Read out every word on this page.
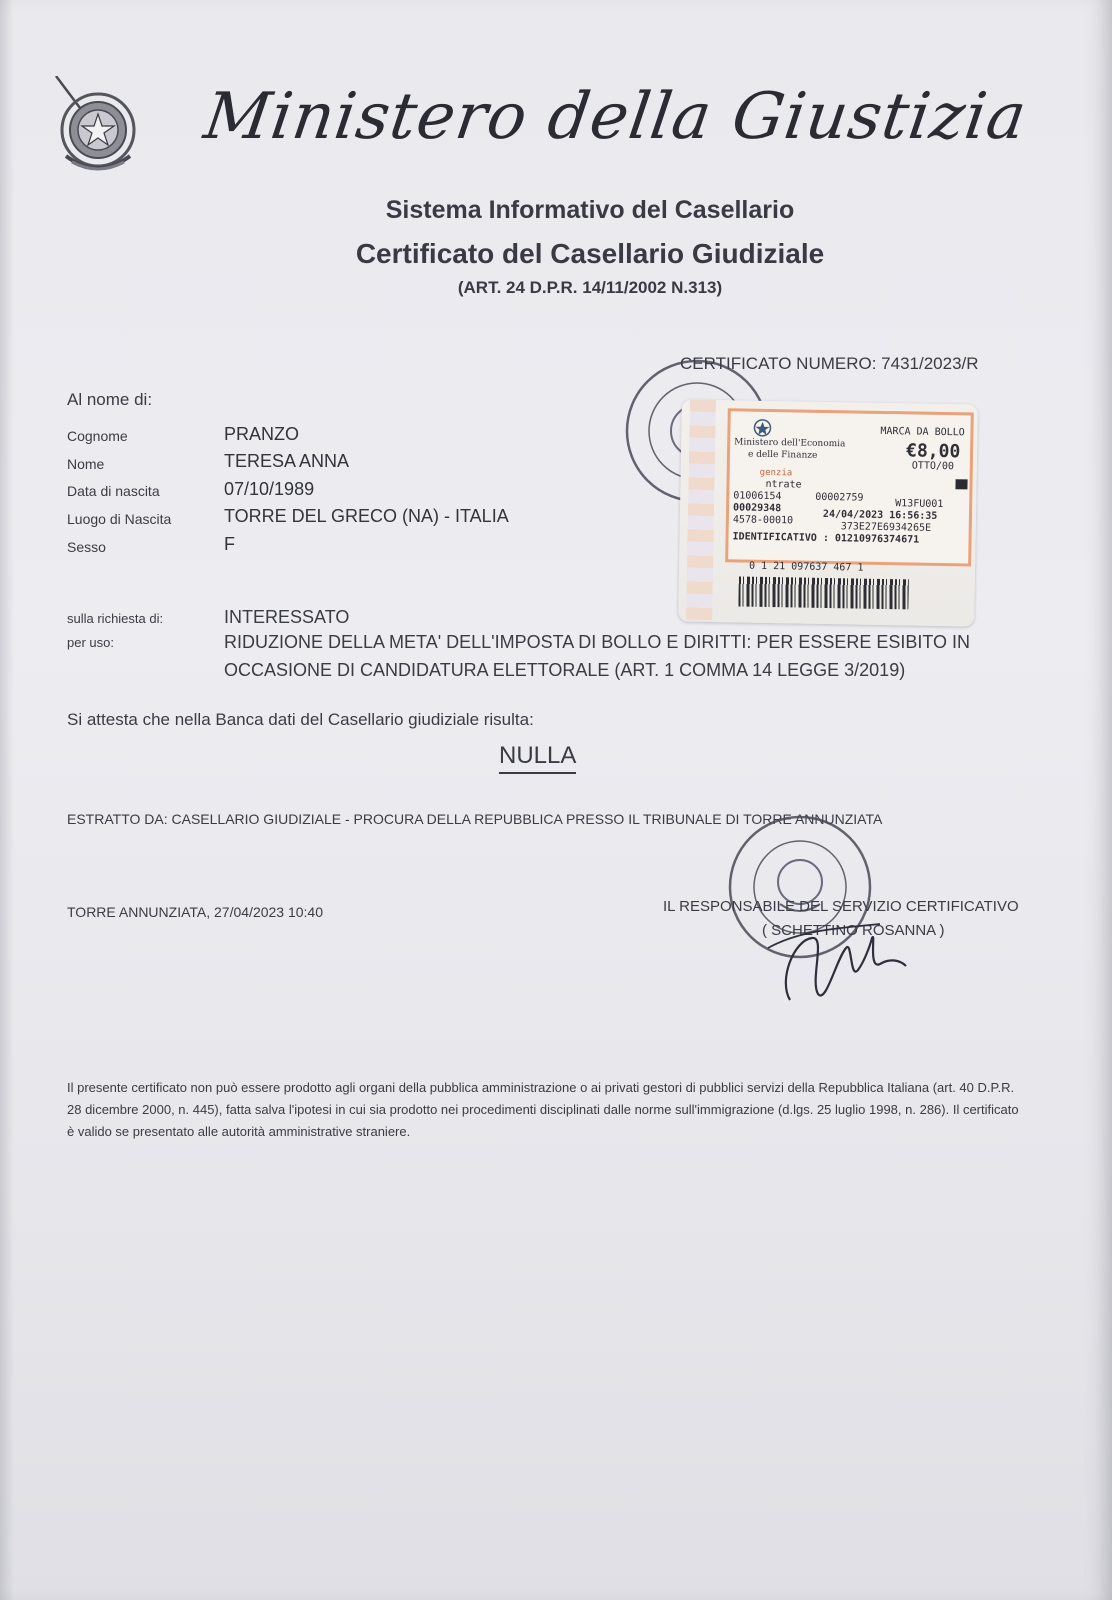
Ministero della Giustizia
Sistema Informativo del Casellario
Certificato del Casellario Giudiziale
(ART. 24 D.P.R. 14/11/2002 N.313)
CERTIFICATO NUMERO: 7431/2023/R
MARCA DA BOLLO
Ministero dell'Economia
e delle Finanze	€8,00
OTTO/00
genzia
ntrate
01006154	00002759
W13FU001
00029348
24/04/2023 16:56:35
4578-00010
373E27E6934265E
IDENTIFICATIVO : 01210976374671
0 1 21 097637 467 1
Al nome di:
Cognome	PRANZO
Nome	TERESA ANNA
Data di nascita	07/10/1989
Luogo di Nascita	TORRE DEL GRECO (NA) - ITALIA
Sesso	F
sulla richiesta di:	INTERESSATO
per uso:	RIDUZIONE DELLA META' DELL'IMPOSTA DI BOLLO E DIRITTI: PER ESSERE ESIBITO IN
OCCASIONE DI CANDIDATURA ELETTORALE (ART. 1 COMMA 14 LEGGE 3/2019)
Si attesta che nella Banca dati del Casellario giudiziale risulta:
NULLA
ESTRATTO DA: CASELLARIO GIUDIZIALE - PROCURA DELLA REPUBBLICA PRESSO IL TRIBUNALE DI TORRE ANNUNZIATA
TORRE ANNUNZIATA, 27/04/2023 10:40	IL RESPONSABILE DEL SERVIZIO CERTIFICATIVO
( SCHETTINO ROSANNA )
Il presente certificato non può essere prodotto agli organi della pubblica amministrazione o ai privati gestori di pubblici servizi della Repubblica Italiana (art. 40 D.P.R. 28 dicembre 2000, n. 445), fatta salva l'ipotesi in cui sia prodotto nei procedimenti disciplinati dalle norme sull'immigrazione (d.lgs. 25 luglio 1998, n. 286). Il certificato è valido se presentato alle autorità amministrative straniere.
